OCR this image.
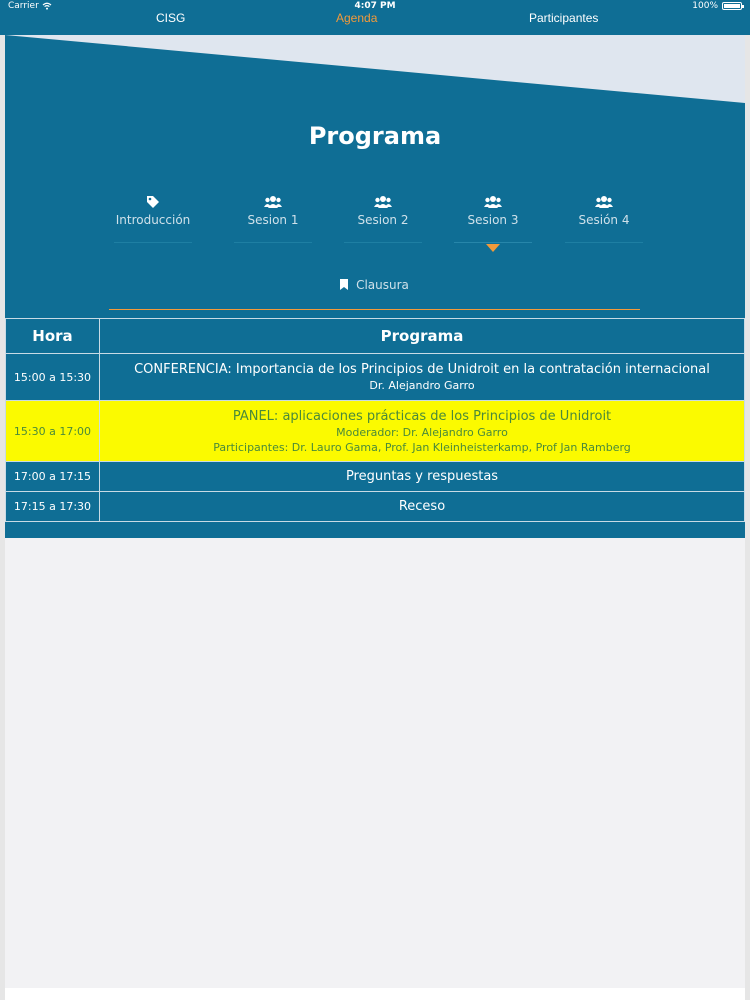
Carrier	4:07 PM	100%
CISG	Agenda	Participantes
Programa
Introducción	Sesion 1	Sesion 2	Sesion 3	Sesión 4
Clausura
Hora	Programa
15:00 a 15:30	CONFERENCIA: Importancia de los Principios de Unidroit en la contratación internacional
Dr. Alejandro Garro

15:30 a 17:00	PANEL: aplicaciones prácticas de los Principios de Unidroit
Moderador: Dr. Alejandro Garro
Participantes: Dr. Lauro Gama, Prof. Jan Kleinheisterkamp, Prof Jan Ramberg

17:00 a 17:15	Preguntas y respuestas

17:15 a 17:30	Receso
